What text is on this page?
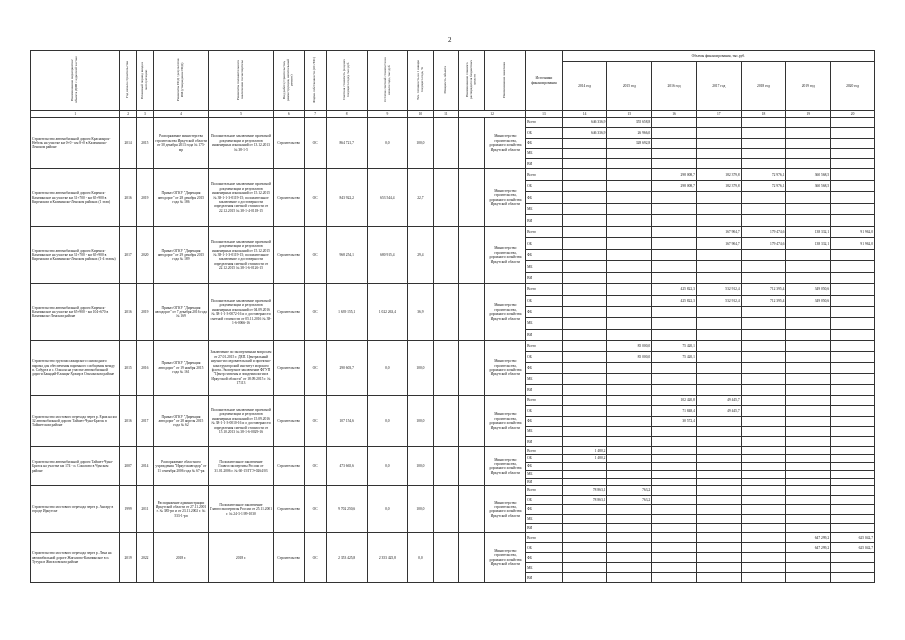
2
Наименование мероприятия/объекта ДИП с адресной частью	Год начала строительства	Плановый период ввода в эксплуатацию	Реквизиты ПСД / результатов ИИ (утверждение ПСД)	Реквизиты положительного заключения госэкспертизы	Вид работ (строительство, реконструкция, капитальный ремонт)	Форма собственности (ОС/МС)	Сметная стоимость (в ценах текущего года), тыс.руб	Остаток сметной стоимости на начало года, тыс.руб	Тех. готовность на 1 января текущего года, %	Мощность объекта	Наименование главного распорядителя бюджетных средств	Наименование заказчика	Источники финансирования	Объемы финансирования, тыс.руб.						
														2014 год	2015 год	2016 год	2017 год	2018 год	2019 год	2020 год
1	2	3	4	5	6	7	8	9	10	11	12		13	14	15	16	17	18	19	20
Строительство автомобильной дороги Красноярск-Небель на участке км 0+0 - км 8+0 в Казачинско-Ленском районе	2014	2015	Распоряжение министерства строительства Иркутской области от 30 декабря 2013 года № 175-мр	Положительное заключение проектной документации и результатов инженерных изысканий от 13.12.2013 № 38-1-5	Строительство	ОС	864 721,7	0,0	100,0			Министерство строительства, дорожного хозяйства Иркутской области	Всего	646 336,9	355 658,8					
													ОБ	646 336,9	26 966,0					
													ФБ		328 692,8					
													МБ							
													ВИ							
Строительство автомобильной дороги Киренск-Казачинское на участке км 31+700 - км 65+900 в Киренском и Казачинско-Ленском районах (1 этап)	2016	2019	Приказ ОГКУ "Дирекция автодорог" от 28 декабря 2015 года № 186	Положительное заключение проектной документации и результатов инженерных изысканий от 15.12.2015 № 38-1-1-3-0119-15; положительное заключение о достоверности определения сметной стоимости от 22.12.2015 № 38-1-4-0118-15	Строительство	ОС	843 922,2	653 544,4	22,7			Министерство строительства, дорожного хозяйства Иркутской области	Всего			298 008,7	182 379,8	72 976,1	360 568,5	
													ОБ			298 008,7	182 379,8	72 976,1	360 568,5	
													ФБ							
													МБ							
													ВИ							
Строительство автомобильной дороги Киренск-Казачинское на участке км 31+700 - км 65+900 в Киренском и Казачинско-Ленском районах (1-4 этапы)	2017	2020	Приказ ОГКУ "Дирекция автодорог" от 29 декабря 2015 года № 189	Положительное заключение проектной документации и результатов инженерных изысканий от 15.12.2015 № 38-1-1-3-0119-15; положительное заключение о достоверности определения сметной стоимости от 22.12.2015 № 38-1-6-0126-15	Строительство	ОС	968 254,1	680 915,4	29,4			Министерство строительства, дорожного хозяйства Иркутской области	Всего				167 904,7	179 474,6	138 332,1	91 962,0
													ОБ				167 904,7	179 474,6	138 332,1	91 962,0
													ФБ							
													МБ							
													ВИ							
Строительство автомобильной дороги Киренск-Казачинское на участке км 65+900 - км 104+670 в Казачинско-Ленском районе	2016	2019	Приказ ОГКУ "Дирекция автодорог" от 7 декабря 2016 года № 169	Положительное заключение проектной документации и результатов инженерных изысканий от 04.09.2016 № 38-1-1-3-0072-16 и о достоверности сметной стоимости от 05.11.2016 № 38-1-6-0066-16	Строительство	ОС	1 639 155,1	1 022 263,4	36,9			Министерство строительства, дорожного хозяйства Иркутской области	Всего			425 822,3	532 912,4	712 395,4	349 050,6	
													ОБ			425 822,3	532 912,4	712 395,4	349 050,6	
													ФБ							
													МБ							
													ВИ							
Строительство грузопассажирского самоходного парома для обеспечения паромного сообщения между п. Сабурта и с. Ольхон на участке автомобильной дороги Баяндай-Еланцы-Хужир в Ольхонском районе	2015	2016	Приказ ОГКУ "Дирекция автодорог" от 19 ноября 2015 года № 161	Заключение по экспертизным вопросам от 27.01.2015 г. ДЕП. Центральный научно-исследовательский и проектно-конструкторский институт морского флота. Экспертное заключение ФГУП "Центр гигиены и эпидемиологии в Иркутской области" от 18.09.2015 г. № 17113	Строительство	ОС	290 603,7	0,0	100,0			Министерство строительства, дорожного хозяйства Иркутской области	Всего		85 000,0	75 420,1				
													ОБ		85 000,0	75 420,1				
													ФБ							
													МБ							
													ВИ							
Строительство мостового перехода через р. Ерма на км 32 автомобильной дороги Тайшет-Чуна-Братск в Тайшетском районе	2016	2017	Приказ ОГКУ "Дирекция автодорог" от 28 апреля 2015 года № 62	Положительное заключение проектной документации и результатов инженерных изысканий от 15.09.2016 № 38-1-1-3-0010-16 и о достоверности определения сметной стоимости от 15.10.2013 № 38-1-6-0029-16	Строительство	ОС	107 154,6	0,0	100,0			Министерство строительства, дорожного хозяйства Иркутской области	Всего			102 420,8	49 445,7			
													ОБ			71 848,4	49 445,7			
													ФБ			30 572,4				
													МБ							
													ВИ							
Строительство автомобильной дороги Тайшет-Чуна-Братск на участке км 174 - п. Соколово в Чунском районе	2007	2014	Распоряжение областного учреждения "Иркутскавтодор" от 11 сентября 2006 года № 67-рк	Положительное заключение Главгосэкспертизы России от 31.01.2006 г. № 60-15/ГГЭ-0264/03	Строительство	ОС	473 665,6	0,0	100,0			Министерство строительства, дорожного хозяйства Иркутской области	Всего	1 480,2						
													ОБ	1 480,2						
													ФБ							
													МБ							
													ВИ							
Строительство мостового перехода через р. Ангару в городе Иркутске	1999	2011	Распоряжение администрации Иркутской области от 27.11.2001 г. № 385-рп и от 23.11.2002 г. № 533-1-рп	Положительное заключение Главгосэкспертизы России от 25.11.2001 г. № 24-3-1/09-1030	Строительство	ОС	9 702 250,6	0,0	100,0			Министерство строительства, дорожного хозяйства Иркутской области	Всего	78 863,1	763,2					
													ОБ	78 863,1	763,2					
													ФБ							
													МБ							
													ВИ							
Строительство мостового перехода через р. Лена на автомобильной дороге Жигалово-Казачинское в п. Тутура в Жигаловском районе	2019	2022	2018 г.	2018 г.	Строительство	ОС	2 353 425,8	2 353 425,8	0,0			Министерство строительства, дорожного хозяйства Иркутской области	Всего						647 299,2	625 042,7
													ОБ						647 299,2	625 042,7
													ФБ							
													МБ							
													ВИ							
